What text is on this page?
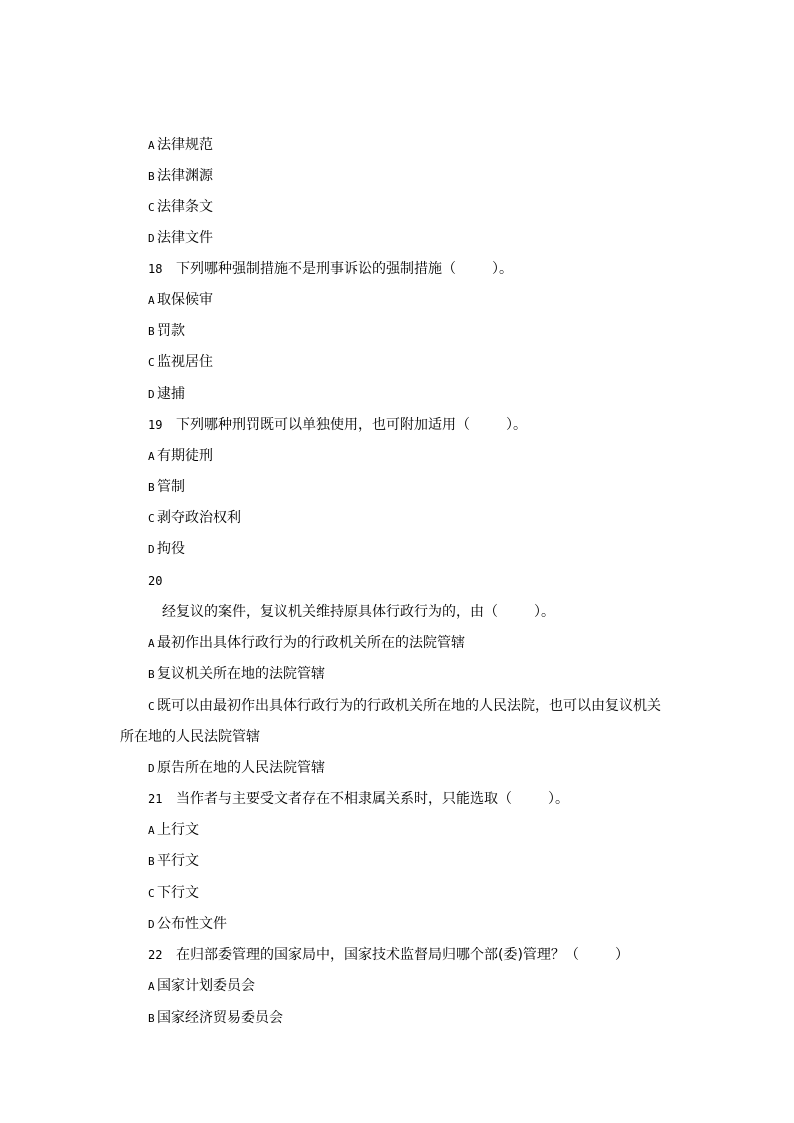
A 法律规范
B 法律渊源
C 法律条文
D 法律文件
18 下列哪种强制措施不是刑事诉讼的强制措施（	）。
A 取保候审
B 罚款
C 监视居住
D 逮捕
19 下列哪种刑罚既可以单独使用，也可附加适用（	）。
A 有期徒刑
B 管制
C 剥夺政治权利
D 拘役
20
经复议的案件，复议机关维持原具体行政行为的，由（	）。
A 最初作出具体行政行为的行政机关所在的法院管辖
B 复议机关所在地的法院管辖
C 既可以由最初作出具体行政行为的行政机关所在地的人民法院，也可以由复议机关
所在地的人民法院管辖
D 原告所在地的人民法院管辖
21 当作者与主要受文者存在不相隶属关系时，只能选取（	）。
A 上行文
B 平行文
C 下行文
D 公布性文件
22 在归部委管理的国家局中，国家技术监督局归哪个部(委)管理？（	）
A 国家计划委员会
B 国家经济贸易委员会
